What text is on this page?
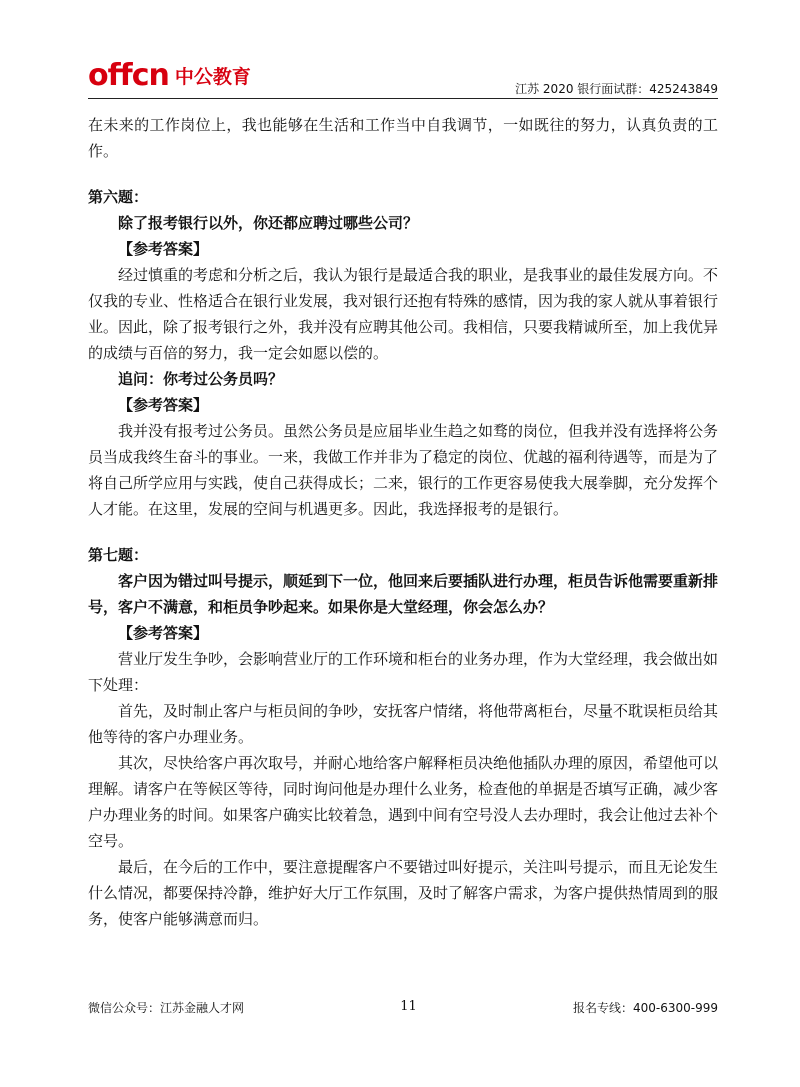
offcn 中公教育
江苏 2020 银行面试群：425243849

在未来的工作岗位上，我也能够在生活和工作当中自我调节，一如既往的努力，认真负责的工作。

第六题：

除了报考银行以外，你还都应聘过哪些公司？

【参考答案】

经过慎重的考虑和分析之后，我认为银行是最适合我的职业，是我事业的最佳发展方向。不仅我的专业、性格适合在银行业发展，我对银行还抱有特殊的感情，因为我的家人就从事着银行业。因此，除了报考银行之外，我并没有应聘其他公司。我相信，只要我精诚所至，加上我优异的成绩与百倍的努力，我一定会如愿以偿的。

追问：你考过公务员吗？

【参考答案】

我并没有报考过公务员。虽然公务员是应届毕业生趋之如骛的岗位，但我并没有选择将公务员当成我终生奋斗的事业。一来，我做工作并非为了稳定的岗位、优越的福利待遇等，而是为了将自己所学应用与实践，使自己获得成长；二来，银行的工作更容易使我大展拳脚，充分发挥个人才能。在这里，发展的空间与机遇更多。因此，我选择报考的是银行。

第七题：

客户因为错过叫号提示，顺延到下一位，他回来后要插队进行办理，柜员告诉他需要重新排号，客户不满意，和柜员争吵起来。如果你是大堂经理，你会怎么办？

【参考答案】

营业厅发生争吵，会影响营业厅的工作环境和柜台的业务办理，作为大堂经理，我会做出如下处理：

首先，及时制止客户与柜员间的争吵，安抚客户情绪，将他带离柜台，尽量不耽误柜员给其他等待的客户办理业务。

其次，尽快给客户再次取号，并耐心地给客户解释柜员决绝他插队办理的原因，希望他可以理解。请客户在等候区等待，同时询问他是办理什么业务，检查他的单据是否填写正确，减少客户办理业务的时间。如果客户确实比较着急，遇到中间有空号没人去办理时，我会让他过去补个空号。

最后，在今后的工作中，要注意提醒客户不要错过叫好提示，关注叫号提示，而且无论发生什么情况，都要保持冷静，维护好大厅工作氛围，及时了解客户需求，为客户提供热情周到的服务，使客户能够满意而归。

微信公众号：江苏金融人才网	11	报名专线：400-6300-999
